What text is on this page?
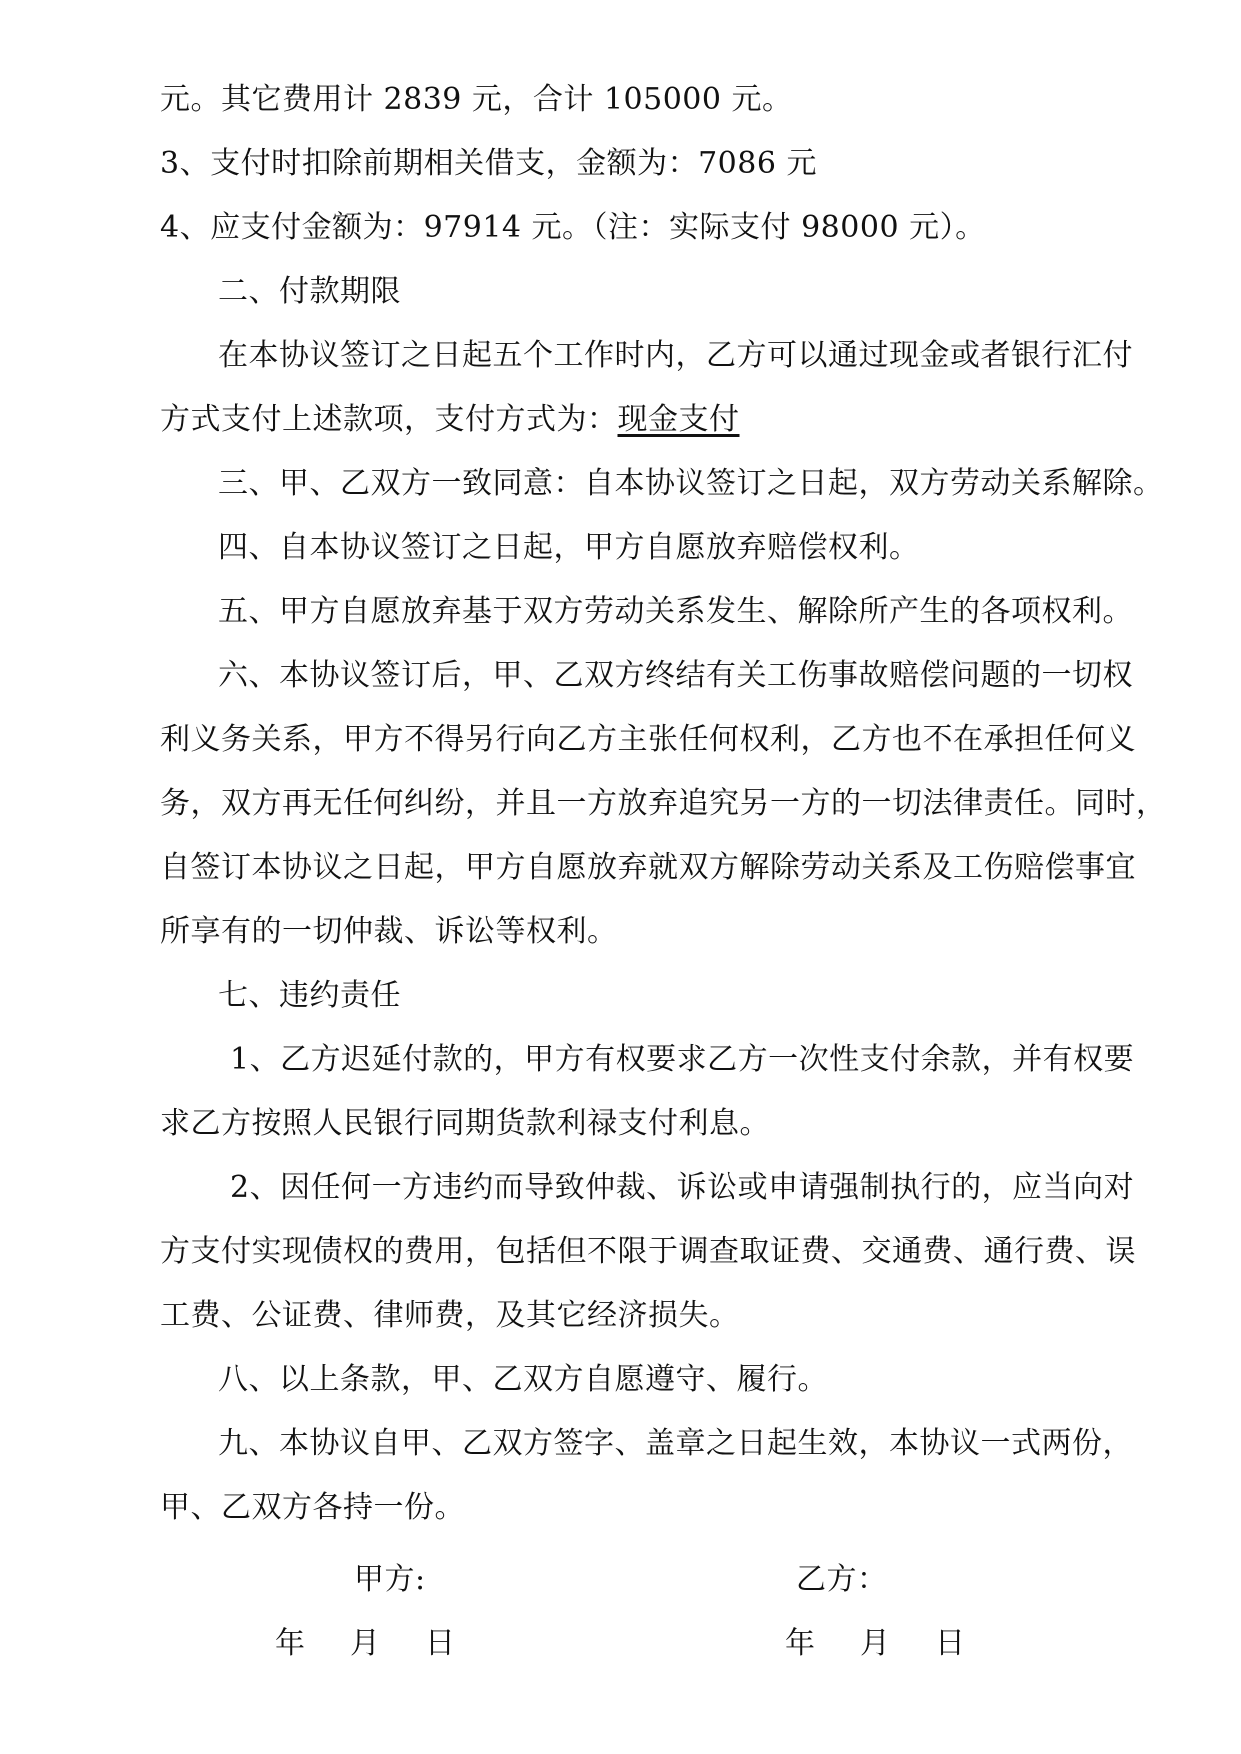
元。其它费用计 2839 元，合计 105000 元。
3、支付时扣除前期相关借支，金额为：7086 元
4、应支付金额为：97914 元。（注：实际支付 98000 元）。
二、付款期限
在本协议签订之日起五个工作时内，乙方可以通过现金或者银行汇付
方式支付上述款项，支付方式为：现金支付
三、甲、乙双方一致同意：自本协议签订之日起，双方劳动关系解除。
四、自本协议签订之日起，甲方自愿放弃赔偿权利。
五、甲方自愿放弃基于双方劳动关系发生、解除所产生的各项权利。
六、本协议签订后，甲、乙双方终结有关工伤事故赔偿问题的一切权
利义务关系，甲方不得另行向乙方主张任何权利，乙方也不在承担任何义
务，双方再无任何纠纷，并且一方放弃追究另一方的一切法律责任。同时，
自签订本协议之日起，甲方自愿放弃就双方解除劳动关系及工伤赔偿事宜
所享有的一切仲裁、诉讼等权利。
七、违约责任
1、乙方迟延付款的，甲方有权要求乙方一次性支付余款，并有权要
求乙方按照人民银行同期货款利禄支付利息。
2、因任何一方违约而导致仲裁、诉讼或申请强制执行的，应当向对
方支付实现债权的费用，包括但不限于调查取证费、交通费、通行费、误
工费、公证费、律师费，及其它经济损失。
八、以上条款，甲、乙双方自愿遵守、履行。
九、本协议自甲、乙双方签字、盖章之日起生效，本协议一式两份，
甲、乙双方各持一份。
甲方:	乙方：
年 月 日	年 月 日
